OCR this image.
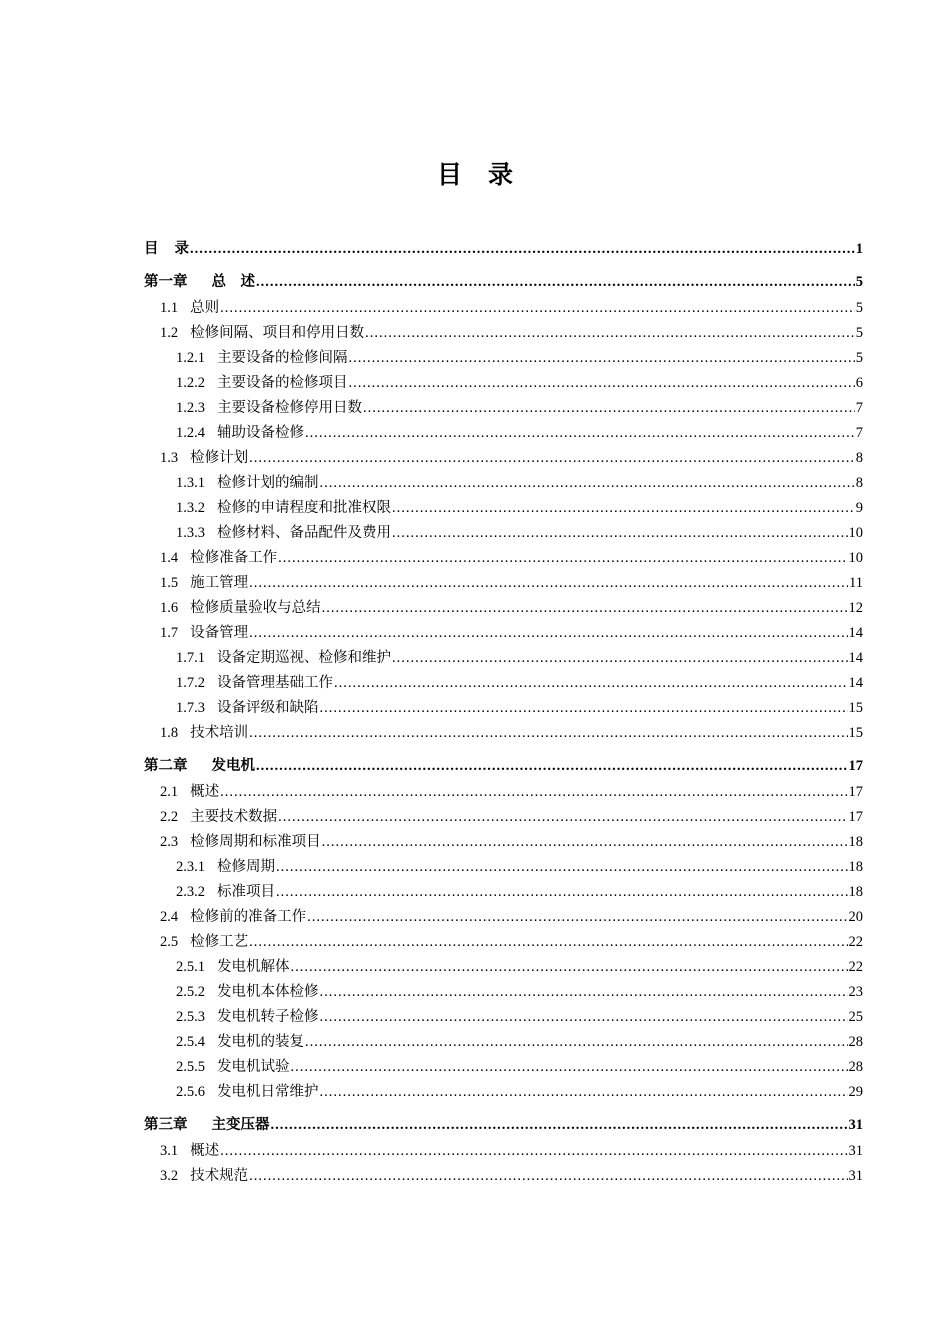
目 录
目 录 .....	1
第一章 总　述 .....	5
1.1 总则 .....	5
1.2 检修间隔、项目和停用日数 .....	5
1.2.1 主要设备的检修间隔 .....	5
1.2.2 主要设备的检修项目 .....	6
1.2.3 主要设备检修停用日数 .....	7
1.2.4 辅助设备检修 .....	7
1.3 检修计划 .....	8
1.3.1 检修计划的编制 .....	8
1.3.2 检修的申请程度和批准权限 .....	9
1.3.3 检修材料、备品配件及费用 .....	10
1.4 检修准备工作 .....	10
1.5 施工管理 .....	11
1.6 检修质量验收与总结 .....	12
1.7 设备管理 .....	14
1.7.1 设备定期巡视、检修和维护 .....	14
1.7.2 设备管理基础工作 .....	14
1.7.3 设备评级和缺陷 .....	15
1.8 技术培训 .....	15
第二章 发电机 .....	17
2.1 概述 .....	17
2.2 主要技术数据 .....	17
2.3 检修周期和标准项目 .....	18
2.3.1 检修周期 .....	18
2.3.2 标准项目 .....	18
2.4 检修前的准备工作 .....	20
2.5 检修工艺 .....	22
2.5.1 发电机解体 .....	22
2.5.2 发电机本体检修 .....	23
2.5.3 发电机转子检修 .....	25
2.5.4 发电机的装复 .....	28
2.5.5 发电机试验 .....	28
2.5.6 发电机日常维护 .....	29
第三章 主变压器 .....	31
3.1 概述 .....	31
3.2 技术规范 .....	31
